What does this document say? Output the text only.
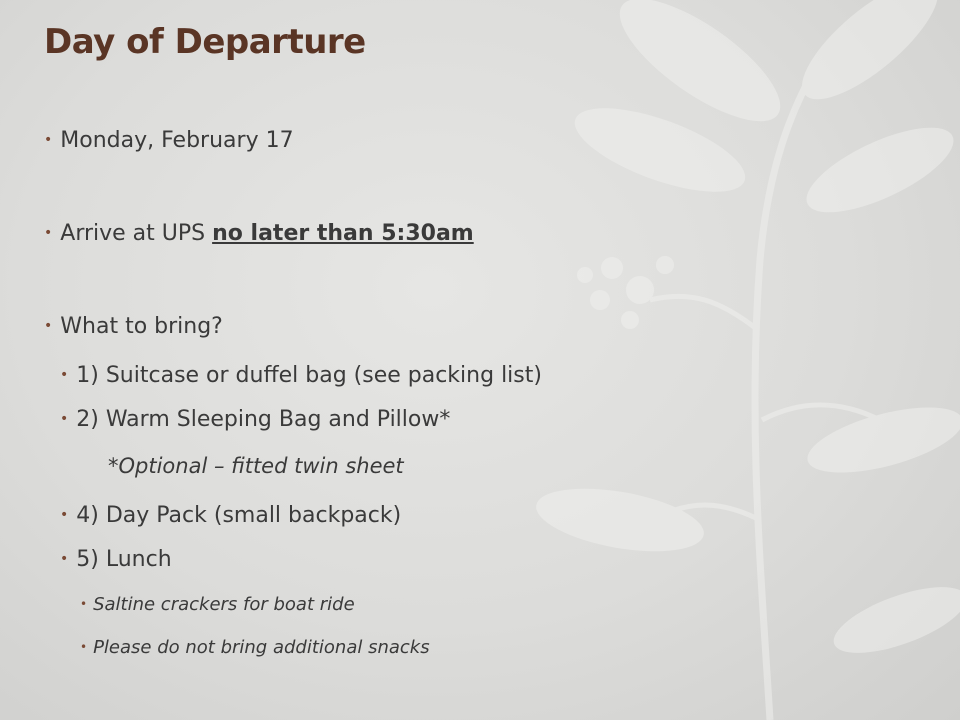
Day of Departure
• Monday, February 17
• Arrive at UPS no later than 5:30am
• What to bring?
• 1) Suitcase or duffel bag (see packing list)
• 2) Warm Sleeping Bag and Pillow*
*Optional – fitted twin sheet
• 4) Day Pack (small backpack)
• 5) Lunch
• Saltine crackers for boat ride
• Please do not bring additional snacks
